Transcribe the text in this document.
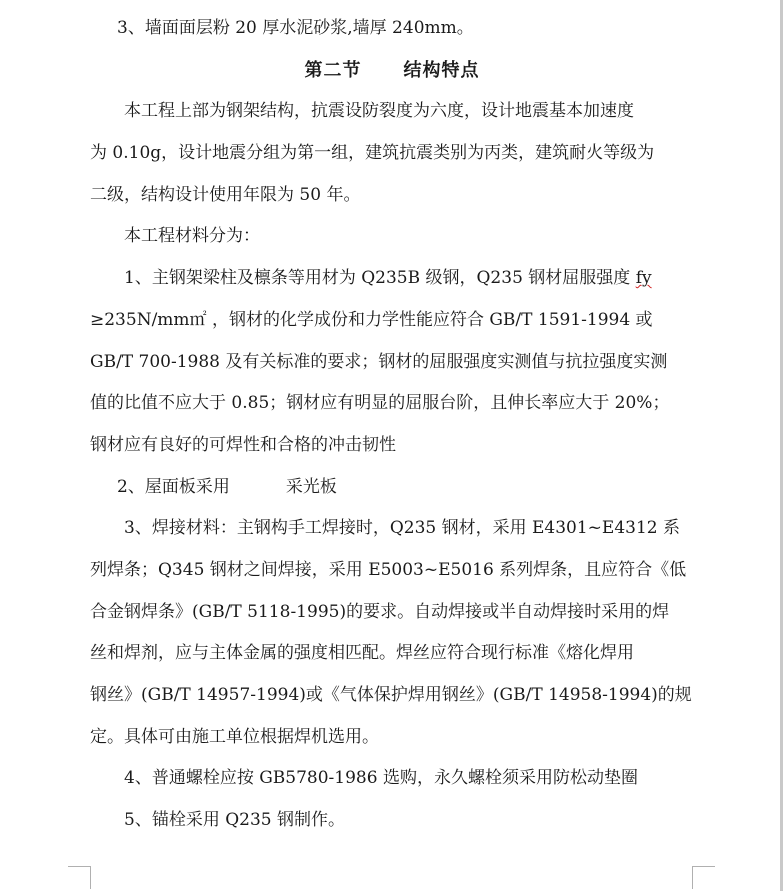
3、墙面面层粉 20 厚水泥砂浆,墙厚 240mm。
第二节 结构特点
本工程上部为钢架结构，抗震设防裂度为六度，设计地震基本加速度
为 0.10g，设计地震分组为第一组，建筑抗震类别为丙类，建筑耐火等级为
二级，结构设计使用年限为 50 年。
本工程材料分为：
1、主钢架梁柱及檩条等用材为 Q235B 级钢，Q235 钢材屈服强度 fy
≥235N/mm㎡ ，钢材的化学成份和力学性能应符合 GB/T 1591-1994 或
GB/T 700-1988 及有关标准的要求；钢材的屈服强度实测值与抗拉强度实测
值的比值不应大于 0.85；钢材应有明显的屈服台阶，且伸长率应大于 20%；
钢材应有良好的可焊性和合格的冲击韧性
2、屋面板采用	采光板
3、焊接材料：主钢构手工焊接时，Q235 钢材，采用 E4301~E4312 系
列焊条；Q345 钢材之间焊接，采用 E5003~E5016 系列焊条，且应符合《低
合金钢焊条》(GB/T 5118-1995)的要求。自动焊接或半自动焊接时采用的焊
丝和焊剂，应与主体金属的强度相匹配。焊丝应符合现行标准《熔化焊用
钢丝》(GB/T 14957-1994)或《气体保护焊用钢丝》(GB/T 14958-1994)的规
定。具体可由施工单位根据焊机选用。
4、普通螺栓应按 GB5780-1986 选购，永久螺栓须采用防松动垫圈
5、锚栓采用 Q235 钢制作。
